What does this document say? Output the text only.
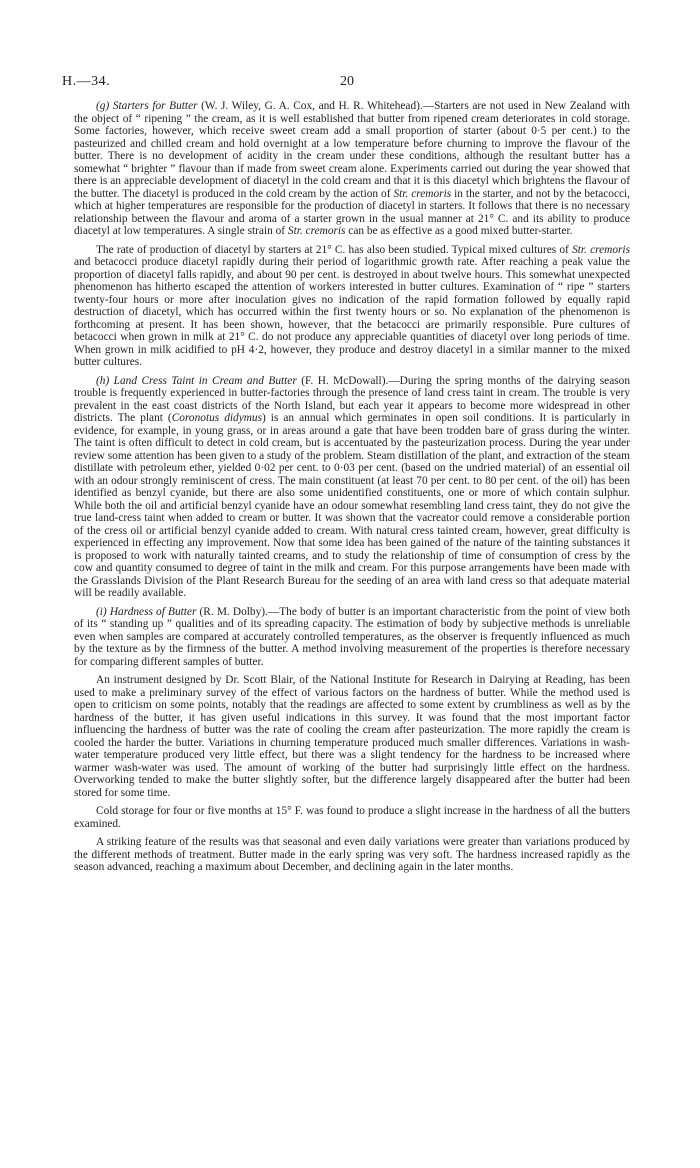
H.—34.	20

(g) Starters for Butter (W. J. Wiley, G. A. Cox, and H. R. Whitehead).—Starters are not used in New Zealand with the object of “ ripening ” the cream, as it is well established that butter from ripened cream deteriorates in cold storage. Some factories, however, which receive sweet cream add a small proportion of starter (about 0·5 per cent.) to the pasteurized and chilled cream and hold overnight at a low temperature before churning to improve the flavour of the butter. There is no development of acidity in the cream under these conditions, although the resultant butter has a somewhat “ brighter ” flavour than if made from sweet cream alone. Experiments carried out during the year showed that there is an appreciable development of diacetyl in the cold cream and that it is this diacetyl which brightens the flavour of the butter. The diacetyl is produced in the cold cream by the action of Str. cremoris in the starter, and not by the betacocci, which at higher temperatures are responsible for the production of diacetyl in starters. It follows that there is no necessary relationship between the flavour and aroma of a starter grown in the usual manner at 21° C. and its ability to produce diacetyl at low temperatures. A single strain of Str. cremoris can be as effective as a good mixed butter-starter.

The rate of production of diacetyl by starters at 21° C. has also been studied. Typical mixed cultures of Str. cremoris and betacocci produce diacetyl rapidly during their period of logarithmic growth rate. After reaching a peak value the proportion of diacetyl falls rapidly, and about 90 per cent. is destroyed in about twelve hours. This somewhat unexpected phenomenon has hitherto escaped the attention of workers interested in butter cultures. Examination of “ ripe ” starters twenty-four hours or more after inoculation gives no indication of the rapid formation followed by equally rapid destruction of diacetyl, which has occurred within the first twenty hours or so. No explanation of the phenomenon is forthcoming at present. It has been shown, however, that the betacocci are primarily responsible. Pure cultures of betacocci when grown in milk at 21° C. do not produce any appreciable quantities of diacetyl over long periods of time. When grown in milk acidified to pH 4·2, however, they produce and destroy diacetyl in a similar manner to the mixed butter cultures.

(h) Land Cress Taint in Cream and Butter (F. H. McDowall).—During the spring months of the dairying season trouble is frequently experienced in butter-factories through the presence of land cress taint in cream. The trouble is very prevalent in the east coast districts of the North Island, but each year it appears to become more widespread in other districts. The plant (Coronotus didymus) is an annual which germinates in open soil conditions. It is particularly in evidence, for example, in young grass, or in areas around a gate that have been trodden bare of grass during the winter. The taint is often difficult to detect in cold cream, but is accentuated by the pasteurization process. During the year under review some attention has been given to a study of the problem. Steam distillation of the plant, and extraction of the steam distillate with petroleum ether, yielded 0·02 per cent. to 0·03 per cent. (based on the undried material) of an essential oil with an odour strongly reminiscent of cress. The main constituent (at least 70 per cent. to 80 per cent. of the oil) has been identified as benzyl cyanide, but there are also some unidentified constituents, one or more of which contain sulphur. While both the oil and artificial benzyl cyanide have an odour somewhat resembling land cress taint, they do not give the true land-cress taint when added to cream or butter. It was shown that the vacreator could remove a considerable portion of the cress oil or artificial benzyl cyanide added to cream. With natural cress tainted cream, however, great difficulty is experienced in effecting any improvement. Now that some idea has been gained of the nature of the tainting substances it is proposed to work with naturally tainted creams, and to study the relationship of time of consumption of cress by the cow and quantity consumed to degree of taint in the milk and cream. For this purpose arrangements have been made with the Grasslands Division of the Plant Research Bureau for the seeding of an area with land cress so that adequate material will be readily available.

(i) Hardness of Butter (R. M. Dolby).—The body of butter is an important characteristic from the point of view both of its “ standing up ” qualities and of its spreading capacity. The estimation of body by subjective methods is unreliable even when samples are compared at accurately controlled temperatures, as the observer is frequently influenced as much by the texture as by the firmness of the butter. A method involving measurement of the properties is therefore necessary for comparing different samples of butter.

An instrument designed by Dr. Scott Blair, of the National Institute for Research in Dairying at Reading, has been used to make a preliminary survey of the effect of various factors on the hardness of butter. While the method used is open to criticism on some points, notably that the readings are affected to some extent by crumbliness as well as by the hardness of the butter, it has given useful indications in this survey. It was found that the most important factor influencing the hardness of butter was the rate of cooling the cream after pasteurization. The more rapidly the cream is cooled the harder the butter. Variations in churning temperature produced much smaller differences. Variations in wash-water temperature produced very little effect, but there was a slight tendency for the hardness to be increased where warmer wash-water was used. The amount of working of the butter had surprisingly little effect on the hardness. Overworking tended to make the butter slightly softer, but the difference largely disappeared after the butter had been stored for some time.

Cold storage for four or five months at 15° F. was found to produce a slight increase in the hardness of all the butters examined.

A striking feature of the results was that seasonal and even daily variations were greater than variations produced by the different methods of treatment. Butter made in the early spring was very soft. The hardness increased rapidly as the season advanced, reaching a maximum about December, and declining again in the later months.
